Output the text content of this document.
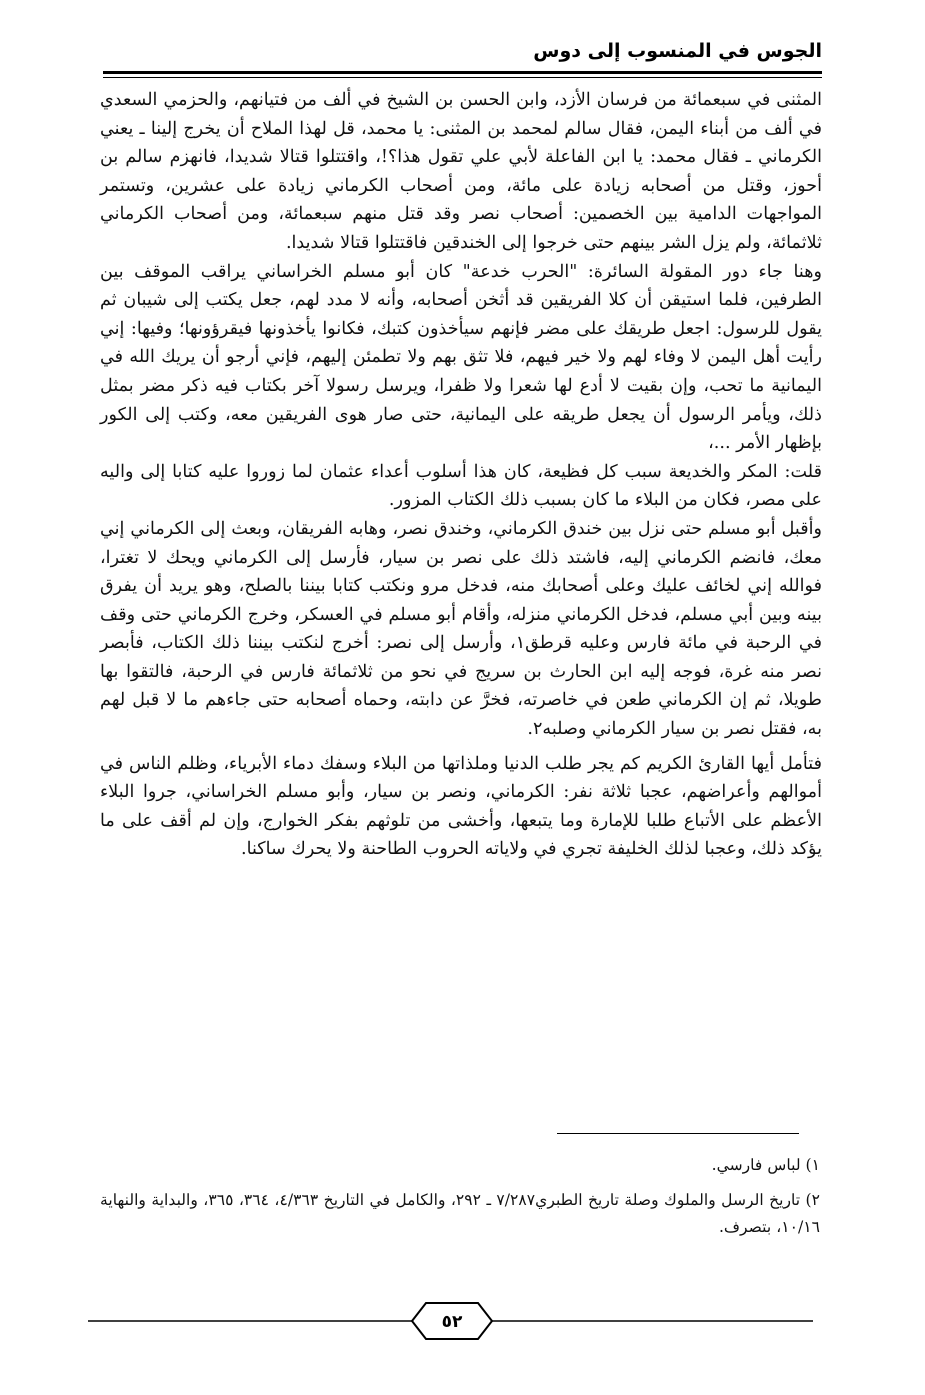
الجوس في المنسوب إلى دوس

المثنى في سبعمائة من فرسان الأزد، وابن الحسن بن الشيخ في ألف من فتيانهم، والحزمي السعدي في ألف من أبناء اليمن، فقال سالم لمحمد بن المثنى: يا محمد، قل لهذا الملاح أن يخرج إلينا ـ يعني الكرماني ـ فقال محمد: يا ابن الفاعلة لأبي علي تقول هذا؟!، واقتتلوا قتالا شديدا، فانهزم سالم بن أحوز، وقتل من أصحابه زيادة على مائة، ومن أصحاب الكرماني زيادة على عشرين، وتستمر المواجهات الدامية بين الخصمين: أصحاب نصر وقد قتل منهم سبعمائة، ومن أصحاب الكرماني ثلاثمائة، ولم يزل الشر بينهم حتى خرجوا إلى الخندقين فاقتتلوا قتالا شديدا.

وهنا جاء دور المقولة السائرة: "الحرب خدعة" كان أبو مسلم الخراساني يراقب الموقف بين الطرفين، فلما استيقن أن كلا الفريقين قد أثخن أصحابه، وأنه لا مدد لهم، جعل يكتب إلى شيبان ثم يقول للرسول: اجعل طريقك على مضر فإنهم سيأخذون كتبك، فكانوا يأخذونها فيقرؤونها؛ وفيها: إني رأيت أهل اليمن لا وفاء لهم ولا خير فيهم، فلا تثق بهم ولا تطمئن إليهم، فإني أرجو أن يريك الله في اليمانية ما تحب، وإن بقيت لا أدع لها شعرا ولا ظفرا، ويرسل رسولا آخر بكتاب فيه ذكر مضر بمثل ذلك، ويأمر الرسول أن يجعل طريقه على اليمانية، حتى صار هوى الفريقين معه، وكتب إلى الكور بإظهار الأمر ...،

قلت: المكر والخديعة سبب كل فظيعة، كان هذا أسلوب أعداء عثمان لما زوروا عليه كتابا إلى واليه على مصر، فكان من البلاء ما كان بسبب ذلك الكتاب المزور.

وأقبل أبو مسلم حتى نزل بين خندق الكرماني، وخندق نصر، وهابه الفريقان، وبعث إلى الكرماني إني معك، فانضم الكرماني إليه، فاشتد ذلك على نصر بن سيار، فأرسل إلى الكرماني ويحك لا تغترا، فوالله إني لخائف عليك وعلى أصحابك منه، فدخل مرو ونكتب كتابا بيننا بالصلح، وهو يريد أن يفرق بينه وبين أبي مسلم، فدخل الكرماني منزله، وأقام أبو مسلم في العسكر، وخرج الكرماني حتى وقف في الرحبة في مائة فارس وعليه قرطق١، وأرسل إلى نصر: أخرج لنكتب بيننا ذلك الكتاب، فأبصر نصر منه غرة، فوجه إليه ابن الحارث بن سريج في نحو من ثلاثمائة فارس في الرحبة، فالتقوا بها طويلا، ثم إن الكرماني طعن في خاصرته، فخرَّ عن دابته، وحماه أصحابه حتى جاءهم ما لا قبل لهم به، فقتل نصر بن سيار الكرماني وصلبه٢.

فتأمل أيها القارئ الكريم كم يجر طلب الدنيا وملذاتها من البلاء وسفك دماء الأبرياء، وظلم الناس في أموالهم وأعراضهم، عجبا ثلاثة نفر: الكرماني، ونصر بن سيار، وأبو مسلم الخراساني، جروا البلاء الأعظم على الأتباع طلبا للإمارة وما يتبعها، وأخشى من تلوثهم بفكر الخوارج، وإن لم أقف على ما يؤكد ذلك، وعجبا لذلك الخليفة تجري في ولاياته الحروب الطاحنة ولا يحرك ساكنا.

١) لباس فارسي.

٢) تاريخ الرسل والملوك وصلة تاريخ الطبري٧/٢٨٧ ـ ٢٩٢، والكامل في التاريخ ٤/٣٦٣، ٣٦٤، ٣٦٥، والبداية والنهاية ١٠/١٦، بتصرف.

٥٢
